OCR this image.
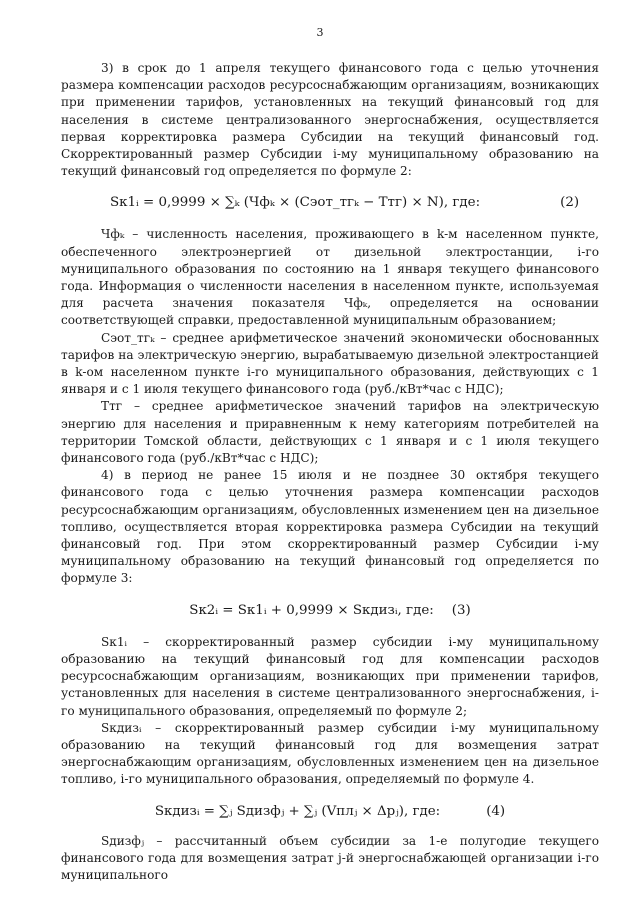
3

3) в срок до 1 апреля текущего финансового года с целью уточнения размера компенсации расходов ресурсоснабжающим организациям, возникающих при применении тарифов, установленных на текущий финансовый год для населения в системе централизованного энергоснабжения, осуществляется первая корректировка размера Субсидии на текущий финансовый год. Скорректированный размер Субсидии i-му муниципальному образованию на текущий финансовый год определяется по формуле 2:

Sк1ᵢ = 0,9999 × ∑ₖ (Чфₖ × (Сэот_тгₖ − Ттг) × N), где:	(2)

Чфₖ – численность населения, проживающего в k-м населенном пункте, обеспеченного электроэнергией от дизельной электростанции, i-го муниципального образования по состоянию на 1 января текущего финансового года. Информация о численности населения в населенном пункте, используемая для расчета значения показателя Чфₖ, определяется на основании соответствующей справки, предоставленной муниципальным образованием;

Сэот_тгₖ – среднее арифметическое значений экономически обоснованных тарифов на электрическую энергию, вырабатываемую дизельной электростанцией в k-ом населенном пункте i-го муниципального образования, действующих с 1 января и с 1 июля текущего финансового года (руб./кВт*час с НДС);

Ттг – среднее арифметическое значений тарифов на электрическую энергию для населения и приравненным к нему категориям потребителей на территории Томской области, действующих с 1 января и с 1 июля текущего финансового года (руб./кВт*час с НДС);

4) в период не ранее 15 июля и не позднее 30 октября текущего финансового года с целью уточнения размера компенсации расходов ресурсоснабжающим организациям, обусловленных изменением цен на дизельное топливо, осуществляется вторая корректировка размера Субсидии на текущий финансовый год. При этом скорректированный размер Субсидии i-му муниципальному образованию на текущий финансовый год определяется по формуле 3:

Sк2ᵢ = Sк1ᵢ + 0,9999 × Sкдизᵢ, где: (3)

Sк1ᵢ – скорректированный размер субсидии i-му муниципальному образованию на текущий финансовый год для компенсации расходов ресурсоснабжающим организациям, возникающих при применении тарифов, установленных для населения в системе централизованного энергоснабжения, i-го муниципального образования, определяемый по формуле 2;

Sкдизᵢ – скорректированный размер субсидии i-му муниципальному образованию на текущий финансовый год для возмещения затрат энергоснабжающим организациям, обусловленных изменением цен на дизельное топливо, i-го муниципального образования, определяемый по формуле 4.

Sкдизᵢ = ∑ⱼ Sдизфⱼ + ∑ⱼ (Vплⱼ × Δpⱼ), где:	(4)

Sдизфⱼ – рассчитанный объем субсидии за 1-е полугодие текущего финансового года для возмещения затрат j-й энергоснабжающей организации i-го муниципального
